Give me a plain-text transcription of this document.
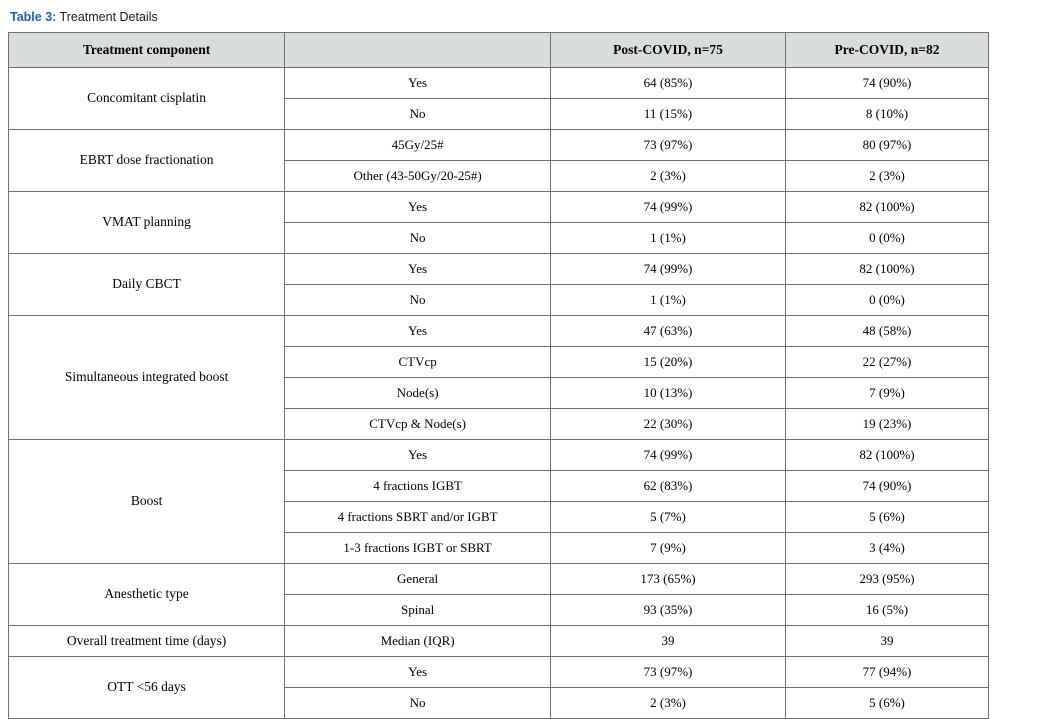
Table 3: Treatment Details
Treatment component		Post-COVID, n=75	Pre-COVID, n=82
Concomitant cisplatin	Yes	64 (85%)	74 (90%)
	No	11 (15%)	8 (10%)
EBRT dose fractionation	45Gy/25#	73 (97%)	80 (97%)
	Other (43-50Gy/20-25#)	2 (3%)	2 (3%)
VMAT planning	Yes	74 (99%)	82 (100%)
	No	1 (1%)	0 (0%)
Daily CBCT	Yes	74 (99%)	82 (100%)
	No	1 (1%)	0 (0%)
Simultaneous integrated boost	Yes	47 (63%)	48 (58%)
	CTVcp	15 (20%)	22 (27%)
	Node(s)	10 (13%)	7 (9%)
	CTVcp & Node(s)	22 (30%)	19 (23%)
Boost	Yes	74 (99%)	82 (100%)
	4 fractions IGBT	62 (83%)	74 (90%)
	4 fractions SBRT and/or IGBT	5 (7%)	5 (6%)
	1-3 fractions IGBT or SBRT	7 (9%)	3 (4%)
Anesthetic type	General	173 (65%)	293 (95%)
	Spinal	93 (35%)	16 (5%)
Overall treatment time (days)	Median (IQR)	39	39
OTT <56 days	Yes	73 (97%)	77 (94%)
	No	2 (3%)	5 (6%)
